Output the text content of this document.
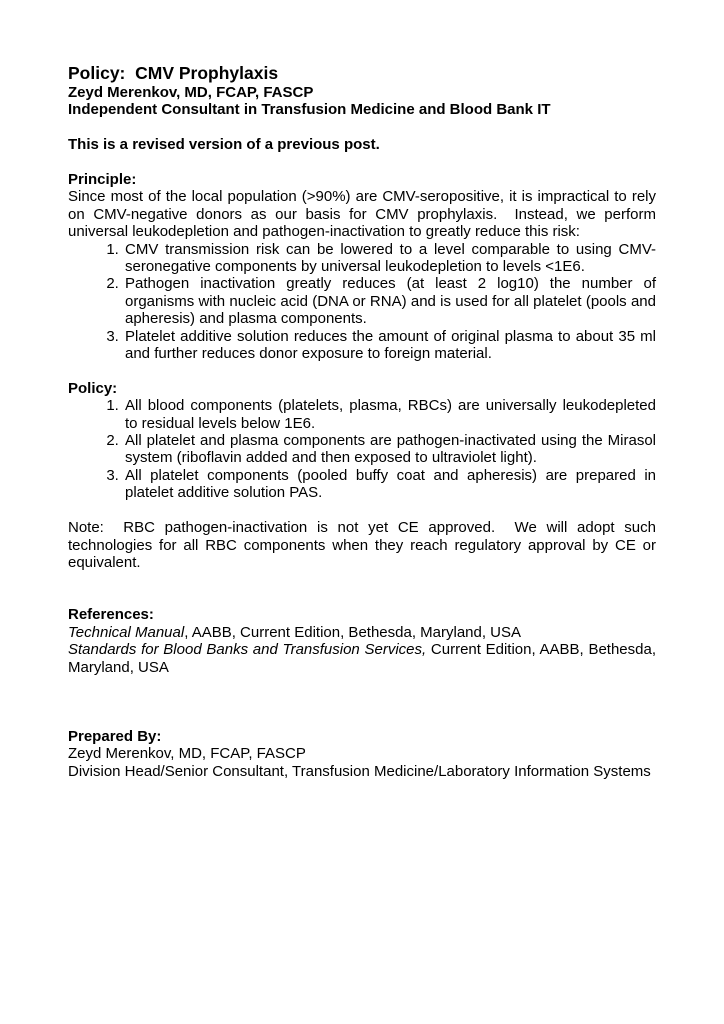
Policy:  CMV Prophylaxis
Zeyd Merenkov, MD, FCAP, FASCP
Independent Consultant in Transfusion Medicine and Blood Bank IT
This is a revised version of a previous post.
Principle:

Since most of the local population (>90%) are CMV-seropositive, it is impractical to rely on CMV-negative donors as our basis for CMV prophylaxis.  Instead, we perform universal leukodepletion and pathogen-inactivation to greatly reduce this risk:

1. CMV transmission risk can be lowered to a level comparable to using CMV-seronegative components by universal leukodepletion to levels <1E6.
2. Pathogen inactivation greatly reduces (at least 2 log10) the number of organisms with nucleic acid (DNA or RNA) and is used for all platelet (pools and apheresis) and plasma components.
3. Platelet additive solution reduces the amount of original plasma to about 35 ml and further reduces donor exposure to foreign material.
Policy:
1. All blood components (platelets, plasma, RBCs) are universally leukodepleted to residual levels below 1E6.
2. All platelet and plasma components are pathogen-inactivated using the Mirasol system (riboflavin added and then exposed to ultraviolet light).
3. All platelet components (pooled buffy coat and apheresis) are prepared in platelet additive solution PAS.

Note:  RBC pathogen-inactivation is not yet CE approved.  We will adopt such technologies for all RBC components when they reach regulatory approval by CE or equivalent.

References:

Technical Manual, AABB, Current Edition, Bethesda, Maryland, USA

Standards for Blood Banks and Transfusion Services, Current Edition, AABB, Bethesda, Maryland, USA

Prepared By:
Zeyd Merenkov, MD, FCAP, FASCP
Division Head/Senior Consultant, Transfusion Medicine/Laboratory Information Systems
